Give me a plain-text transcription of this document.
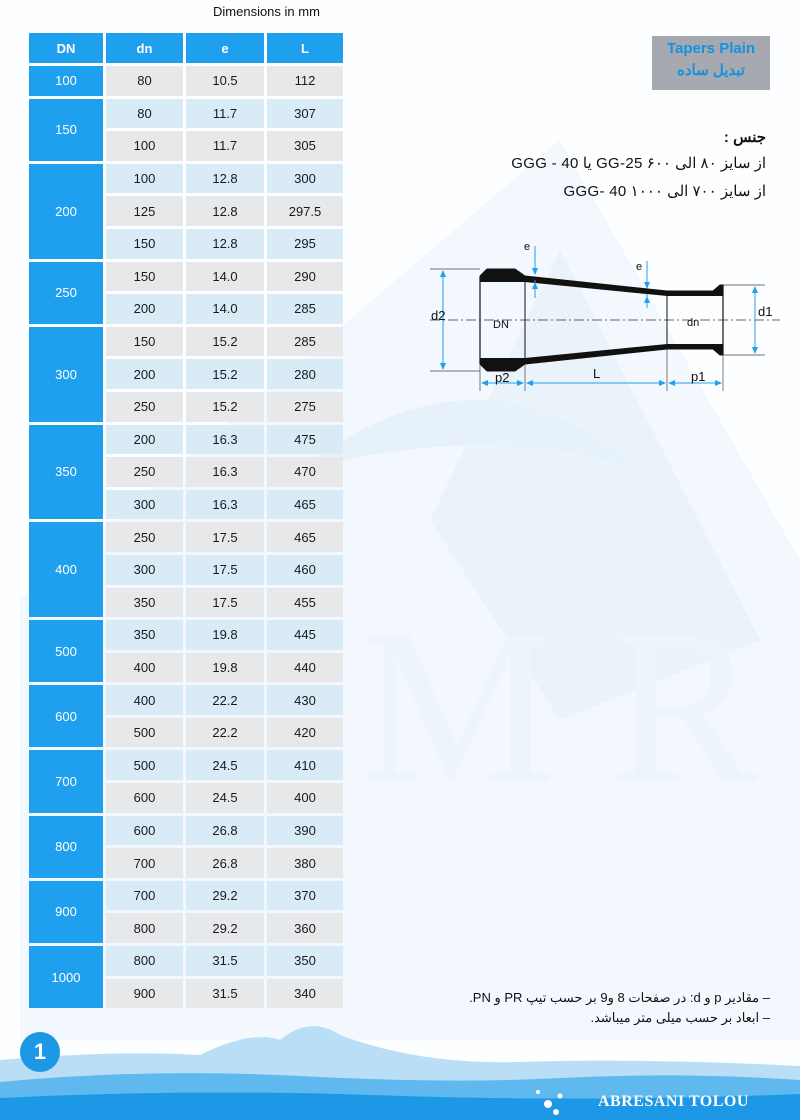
M R
Dimensions in mm
DN	dn	e	L
100	80	10.5	112
150	80	11.7	307
	100	11.7	305
200	100	12.8	300
	125	12.8	297.5
	150	12.8	295
250	150	14.0	290
	200	14.0	285
300	150	15.2	285
	200	15.2	280
	250	15.2	275
350	200	16.3	475
	250	16.3	470
	300	16.3	465
400	250	17.5	465
	300	17.5	460
	350	17.5	455
500	350	19.8	445
	400	19.8	440
600	400	22.2	430
	500	22.2	420
700	500	24.5	410
	600	24.5	400
800	600	26.8	390
	700	26.8	380
900	700	29.2	370
	800	29.2	360
1000	800	31.5	350
	900	31.5	340
Tapers Plain
تبدیل ساده
جنس :
از سایز ۸۰ الی ۶۰۰ GG-25 یا GGG - 40
از سایز ۷۰۰ الی ۱۰۰۰ GGG- 40
e
e
d2	d1
DN	dn
p2	L	p1
– مقادیر p و d: در صفحات 8 و9 بر حسب تیپ PR و PN.
– ابعاد بر حسب میلی متر میباشد.
1
ABRESANI TOLOU
